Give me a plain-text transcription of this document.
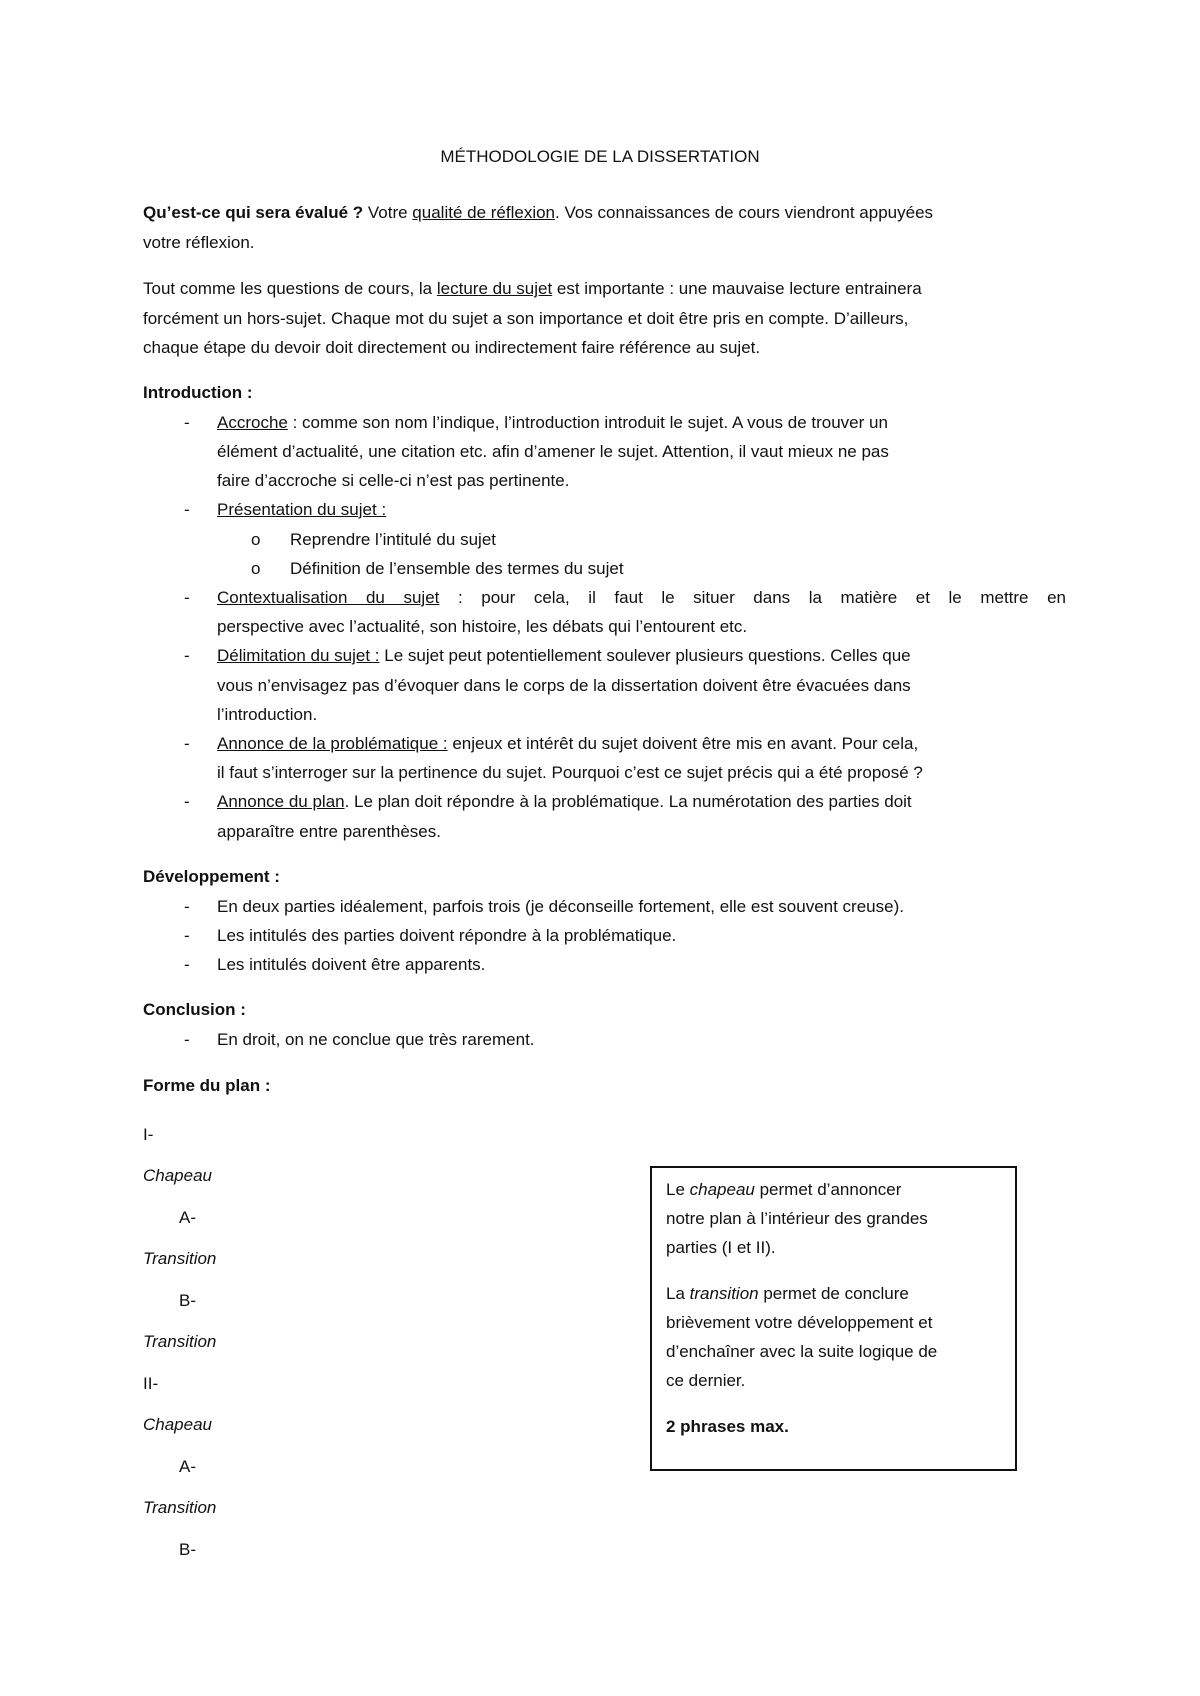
MÉTHODOLOGIE DE LA DISSERTATION
Qu’est-ce qui sera évalué ? Votre qualité de réflexion. Vos connaissances de cours viendront appuyées
votre réflexion.
Tout comme les questions de cours, la lecture du sujet est importante : une mauvaise lecture entrainera
forcément un hors-sujet. Chaque mot du sujet a son importance et doit être pris en compte. D’ailleurs,
chaque étape du devoir doit directement ou indirectement faire référence au sujet.
Introduction :
- Accroche : comme son nom l’indique, l’introduction introduit le sujet. A vous de trouver un
élément d’actualité, une citation etc. afin d’amener le sujet. Attention, il vaut mieux ne pas
faire d’accroche si celle-ci n’est pas pertinente.
- Présentation du sujet :
o Reprendre l’intitulé du sujet
o Définition de l’ensemble des termes du sujet
- Contextualisation du sujet : pour cela, il faut le situer dans la matière et le mettre en
perspective avec l’actualité, son histoire, les débats qui l’entourent etc.
- Délimitation du sujet : Le sujet peut potentiellement soulever plusieurs questions. Celles que
vous n’envisagez pas d’évoquer dans le corps de la dissertation doivent être évacuées dans
l’introduction.
- Annonce de la problématique : enjeux et intérêt du sujet doivent être mis en avant. Pour cela,
il faut s’interroger sur la pertinence du sujet. Pourquoi c’est ce sujet précis qui a été proposé ?
- Annonce du plan. Le plan doit répondre à la problématique. La numérotation des parties doit
apparaître entre parenthèses.
Développement :
- En deux parties idéalement, parfois trois (je déconseille fortement, elle est souvent creuse).
- Les intitulés des parties doivent répondre à la problématique.
- Les intitulés doivent être apparents.
Conclusion :
- En droit, on ne conclue que très rarement.
Forme du plan :
I-
Chapeau
A-
Transition
B-
Transition
II-
Chapeau
A-
Transition
B-
Le chapeau permet d’annoncer
notre plan à l’intérieur des grandes
parties (I et II).
La transition permet de conclure
brièvement votre développement et
d’enchaîner avec la suite logique de
ce dernier.
2 phrases max.
